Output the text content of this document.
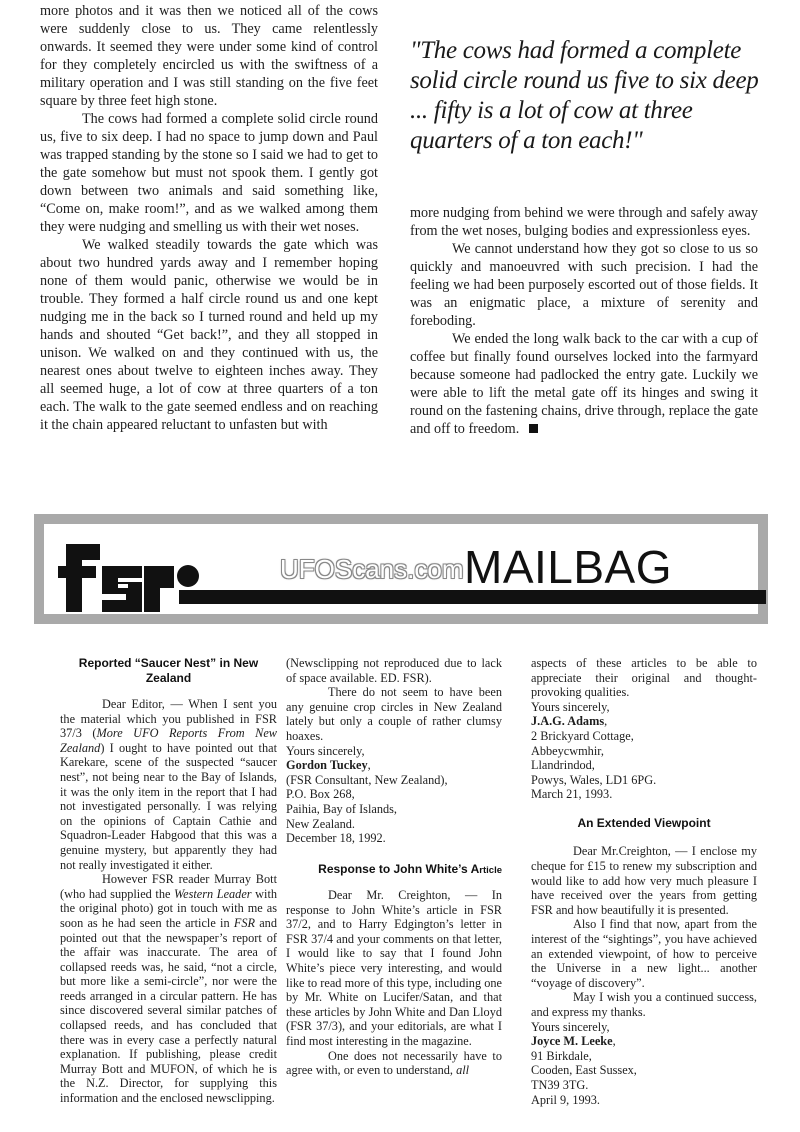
more photos and it was then we noticed all of the cows were suddenly close to us. They came relentlessly onwards. It seemed they were under some kind of control for they completely encircled us with the swiftness of a military operation and I was still standing on the five feet square by three feet high stone.

The cows had formed a complete solid circle round us, five to six deep. I had no space to jump down and Paul was trapped standing by the stone so I said we had to get to the gate somehow but must not spook them. I gently got down between two animals and said something like, “Come on, make room!”, and as we walked among them they were nudging and smelling us with their wet noses.

We walked steadily towards the gate which was about two hundred yards away and I remember hoping none of them would panic, otherwise we would be in trouble. They formed a half circle round us and one kept nudging me in the back so I turned round and held up my hands and shouted “Get back!”, and they all stopped in unison. We walked on and they continued with us, the nearest ones about twelve to eighteen inches away. They all seemed huge, a lot of cow at three quarters of a ton each. The walk to the gate seemed endless and on reaching it the chain appeared reluctant to unfasten but with

"The cows had formed a complete solid circle round us five to six deep ... fifty is a lot of cow at three quarters of a ton each!"

more nudging from behind we were through and safely away from the wet noses, bulging bodies and expressionless eyes.

We cannot understand how they got so close to us so quickly and manoeuvred with such precision. I had the feeling we had been purposely escorted out of those fields. It was an enigmatic place, a mixture of serenity and foreboding.

We ended the long walk back to the car with a cup of coffee but finally found ourselves locked into the farmyard because someone had padlocked the entry gate. Luckily we were able to lift the metal gate off its hinges and swing it round on the fastening chains, drive through, replace the gate and off to freedom.

UFOScans.com MAILBAG
Reported “Saucer Nest” in New Zealand

Dear Editor, — When I sent you the material which you published in FSR 37/3 (More UFO Reports From New Zealand) I ought to have pointed out that Karekare, scene of the suspected “saucer nest”, not being near to the Bay of Islands, it was the only item in the report that I had not investigated personally. I was relying on the opinions of Captain Cathie and Squadron-Leader Habgood that this was a genuine mystery, but apparently they had not really investigated it either.

However FSR reader Murray Bott (who had supplied the Western Leader with the original photo) got in touch with me as soon as he had seen the article in FSR and pointed out that the newspaper’s report of the affair was inaccurate. The area of collapsed reeds was, he said, “not a circle, but more like a semi-circle”, nor were the reeds arranged in a circular pattern. He has since discovered several similar patches of collapsed reeds, and has concluded that there was in every case a perfectly natural explanation. If publishing, please credit Murray Bott and MUFON, of which he is the N.Z. Director, for supplying this information and the enclosed newsclipping.

(Newsclipping not reproduced due to lack of space available. ED. FSR).

There do not seem to have been any genuine crop circles in New Zealand lately but only a couple of rather clumsy hoaxes.

Yours sincerely,

Gordon Tuckey,

(FSR Consultant, New Zealand),

P.O. Box 268,

Paihia, Bay of Islands,

New Zealand.

December 18, 1992.

Response to John White’s Article

Dear Mr. Creighton, — In response to John White’s article in FSR 37/2, and to Harry Edgington’s letter in FSR 37/4 and your comments on that letter, I would like to say that I found John White’s piece very interesting, and would like to read more of this type, including one by Mr. White on Lucifer/Satan, and that these articles by John White and Dan Lloyd (FSR 37/3), and your editorials, are what I find most interesting in the magazine.

One does not necessarily have to agree with, or even to understand, all

aspects of these articles to be able to appreciate their original and thought-provoking qualities.

Yours sincerely,

J.A.G. Adams,

2 Brickyard Cottage,

Abbeycwmhir,

Llandrindod,

Powys, Wales, LD1 6PG.

March 21, 1993.

An Extended Viewpoint

Dear Mr.Creighton, — I enclose my cheque for £15 to renew my subscription and would like to add how very much pleasure I have received over the years from getting FSR and how beautifully it is presented.

Also I find that now, apart from the interest of the “sightings”, you have achieved an extended viewpoint, of how to perceive the Universe in a new light... another “voyage of discovery”.

May I wish you a continued success, and express my thanks.

Yours sincerely,

Joyce M. Leeke,

91 Birkdale,

Cooden, East Sussex,

TN39 3TG.

April 9, 1993.
